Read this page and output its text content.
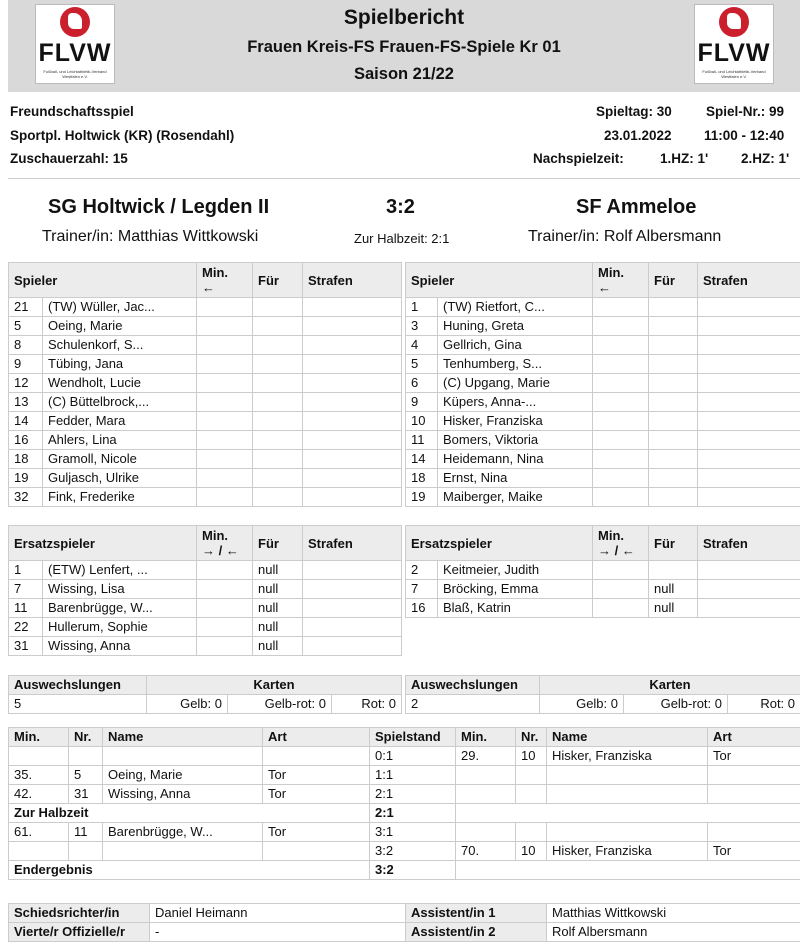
FLVW
Fußball- und Leichtathletik-Verband Westfalen e.V.
Spielbericht
Frauen Kreis-FS Frauen-FS-Spiele Kr 01
Saison 21/22
FLVW
Fußball- und Leichtathletik-Verband Westfalen e.V.
Freundschaftsspiel
Sportpl. Holtwick (KR) (Rosendahl)
Zuschauerzahl: 15
Spieltag: 30	Spiel-Nr.: 99
23.01.2022 11:00 - 12:40
Nachspielzeit:	1.HZ: 1' 2.HZ: 1'
SG Holtwick / Legden II	3:2	SF Ammeloe
Trainer/in: Matthias Wittkowski	Zur Halbzeit: 2:1	Trainer/in: Rolf Albersmann
Spieler		Min.
←	Für	Strafen
21	(TW) Wüller, Jac...			
5	Oeing, Marie			
8	Schulenkorf, S...			
9	Tübing, Jana			
12	Wendholt, Lucie			
13	(C) Büttelbrock,...			
14	Fedder, Mara			
16	Ahlers, Lina			
18	Gramoll, Nicole			
19	Guljasch, Ulrike			
32	Fink, Frederike			
Spieler		Min.
←	Für	Strafen
1	(TW) Rietfort, C...			
3	Huning, Greta			
4	Gellrich, Gina			
5	Tenhumberg, S...			
6	(C) Upgang, Marie			
9	Küpers, Anna-...			
10	Hisker, Franziska			
11	Bomers, Viktoria			
14	Heidemann, Nina			
18	Ernst, Nina			
19	Maiberger, Maike			
Ersatzspieler		Min.
→ / ←	Für	Strafen
1	(ETW) Lenfert, ...		null	
7	Wissing, Lisa		null	
11	Barenbrügge, W...		null	
22	Hullerum, Sophie		null	
31	Wissing, Anna		null	
Ersatzspieler		Min.
→ / ←	Für	Strafen
2	Keitmeier, Judith			
7	Bröcking, Emma		null	
16	Blaß, Katrin		null	
Auswechslungen	Karten		
5	Gelb: 0	Gelb-rot: 0	Rot: 0
Auswechslungen	Karten		
2	Gelb: 0	Gelb-rot: 0	Rot: 0
Min.	Nr.	Name	Art	Spielstand	Min.	Nr.	Name	Art
				0:1	29.	10	Hisker, Franziska	Tor
35.	5	Oeing, Marie	Tor	1:1				
42.	31	Wissing, Anna	Tor	2:1				
Zur Halbzeit				2:1				
61.	11	Barenbrügge, W...	Tor	3:1				
				3:2	70.	10	Hisker, Franziska	Tor
Endergebnis				3:2				
Schiedsrichter/in	Daniel Heimann	Assistent/in 1	Matthias Wittkowski
Vierte/r Offizielle/r	-	Assistent/in 2	Rolf Albersmann
